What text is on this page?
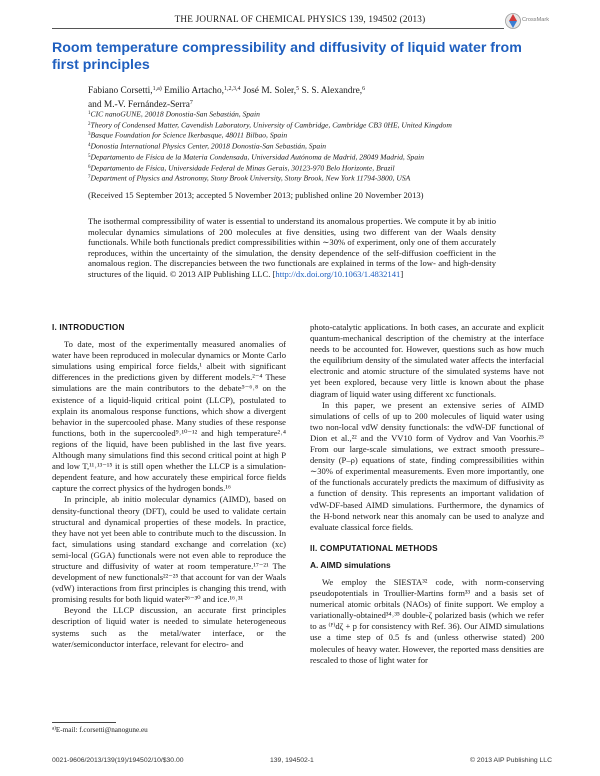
THE JOURNAL OF CHEMICAL PHYSICS 139, 194502 (2013)	CrossMark
Room temperature compressibility and diffusivity of liquid water from first principles
Fabiano Corsetti,$^{1,a)}$ Emilio Artacho,$^{1,2,3,4}$ José M. Soler,$^5$ S. S. Alexandre,$^6$
and M.-V. Fernández-Serra$^7$
$^1$CIC nanoGUNE, 20018 Donostia-San Sebastián, Spain
$^2$Theory of Condensed Matter, Cavendish Laboratory, University of Cambridge, Cambridge CB3 0HE, United Kingdom
$^3$Basque Foundation for Science Ikerbasque, 48011 Bilbao, Spain
$^4$Donostia International Physics Center, 20018 Donostia-San Sebastián, Spain
$^5$Departamento de Física de la Materia Condensada, Universidad Autónoma de Madrid, 28049 Madrid, Spain
$^6$Departamento de Física, Universidade Federal de Minas Gerais, 30123-970 Belo Horizonte, Brazil
$^7$Department of Physics and Astronomy, Stony Brook University, Stony Brook, New York 11794-3800, USA
(Received 15 September 2013; accepted 5 November 2013; published online 20 November 2013)
The isothermal compressibility of water is essential to understand its anomalous properties. We compute it by ab initio molecular dynamics simulations of 200 molecules at five densities, using two different van der Waals density functionals. While both functionals predict compressibilities within ∼30% of experiment, only one of them accurately reproduces, within the uncertainty of the simulation, the density dependence of the self-diffusion coefficient in the anomalous region. The discrepancies between the two functionals are explained in terms of the low- and high-density structures of the liquid. © 2013 AIP Publishing LLC. [http://dx.doi.org/10.1063/1.4832141]
I. INTRODUCTION

To date, most of the experimentally measured anomalies of water have been reproduced in molecular dynamics or Monte Carlo simulations using empirical force fields,¹ albeit with significant differences in the predictions given by different models.²⁻⁴ These simulations are the main contributors to the debate⁵⁻⁶˒⁸ on the existence of a liquid-liquid critical point (LLCP), postulated to explain its anomalous response functions, which show a divergent behavior in the supercooled phase. Many studies of these response functions, both in the supercooled⁹˒¹⁰⁻¹² and high temperature²˒⁴ regions of the liquid, have been published in the last five years. Although many simulations find this second critical point at high P and low T,¹¹˒¹³⁻¹⁵ it is still open whether the LLCP is a simulation-dependent feature, and how accurately these empirical force fields capture the correct physics of the hydrogen bonds.¹⁶

In principle, ab initio molecular dynamics (AIMD), based on density-functional theory (DFT), could be used to validate certain structural and dynamical properties of these models. In practice, they have not yet been able to contribute much to the discussion. In fact, simulations using standard exchange and correlation (xc) semi-local (GGA) functionals were not even able to reproduce the structure and diffusivity of water at room temperature.¹⁷⁻²¹ The development of new functionals²²⁻²⁵ that account for van der Waals (vdW) interactions from first principles is changing this trend, with promising results for both liquid water²⁶⁻³⁰ and ice.¹⁶˒³¹

Beyond the LLCP discussion, an accurate first principles description of liquid water is needed to simulate heterogeneous systems such as the metal/water interface, or the water/semiconductor interface, relevant for electro- and

photo-catalytic applications. In both cases, an accurate and explicit quantum-mechanical description of the chemistry at the interface needs to be accounted for. However, questions such as how much the equilibrium density of the simulated water affects the interfacial electronic and atomic structure of the simulated systems have not yet been explored, because very little is known about the phase diagram of liquid water using different xc functionals.

In this paper, we present an extensive series of AIMD simulations of cells of up to 200 molecules of liquid water using two non-local vdW density functionals: the vdW-DF functional of Dion et al.,²² and the VV10 form of Vydrov and Van Voorhis.²⁵ From our large-scale simulations, we extract smooth pressure–density (P–ρ) equations of state, finding compressibilities within ∼30% of experimental measurements. Even more importantly, one of the functionals accurately predicts the maximum of diffusivity as a function of density. This represents an important validation of vdW-DF-based AIMD simulations. Furthermore, the dynamics of the H-bond network near this anomaly can be used to analyze and evaluate classical force fields.

II. COMPUTATIONAL METHODS
A. AIMD simulations

We employ the SIESTA³² code, with norm-conserving pseudopotentials in Troullier-Martins form³³ and a basis set of numerical atomic orbitals (NAOs) of finite support. We employ a variationally-obtained³⁴˒³⁵ double-ζ polarized basis (which we refer to as ⁽ᴾ⁾dζ + p for consistency with Ref. 36). Our AIMD simulations use a time step of 0.5 fs and (unless otherwise stated) 200 molecules of heavy water. However, the reported mass densities are rescaled to those of light water for

$^{a)}$E-mail: f.corsetti@nanogune.eu
0021-9606/2013/139(19)/194502/10/$30.00	139, 194502-1	© 2013 AIP Publishing LLC
